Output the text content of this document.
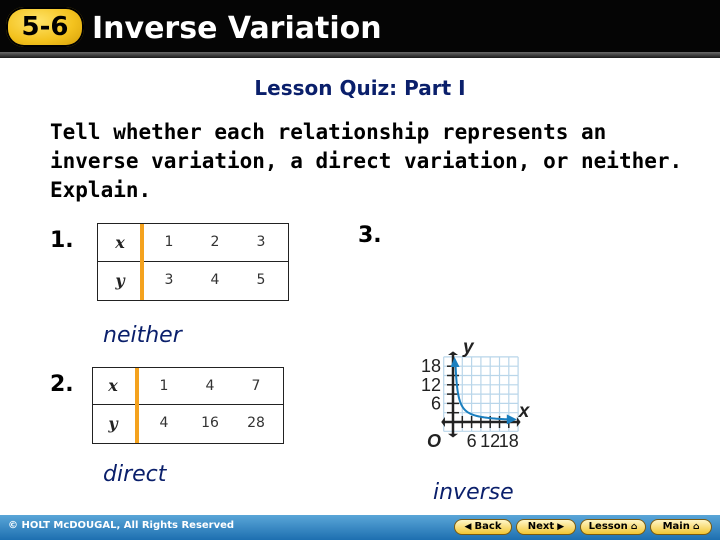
5-6 Inverse Variation
Lesson Quiz: Part I
Tell whether each relationship represents an inverse variation, a direct variation, or neither. Explain.
1.	x	1	2	3
y	3	4	5
neither
2.	x	1	4	7
y	4	16	28
direct
3.
6 12
18
6
12
18
O
x
y
inverse
© HOLT McDOUGAL, All Rights Reserved	◀ Back	Next ▶	Lesson ⌂	Main ⌂
